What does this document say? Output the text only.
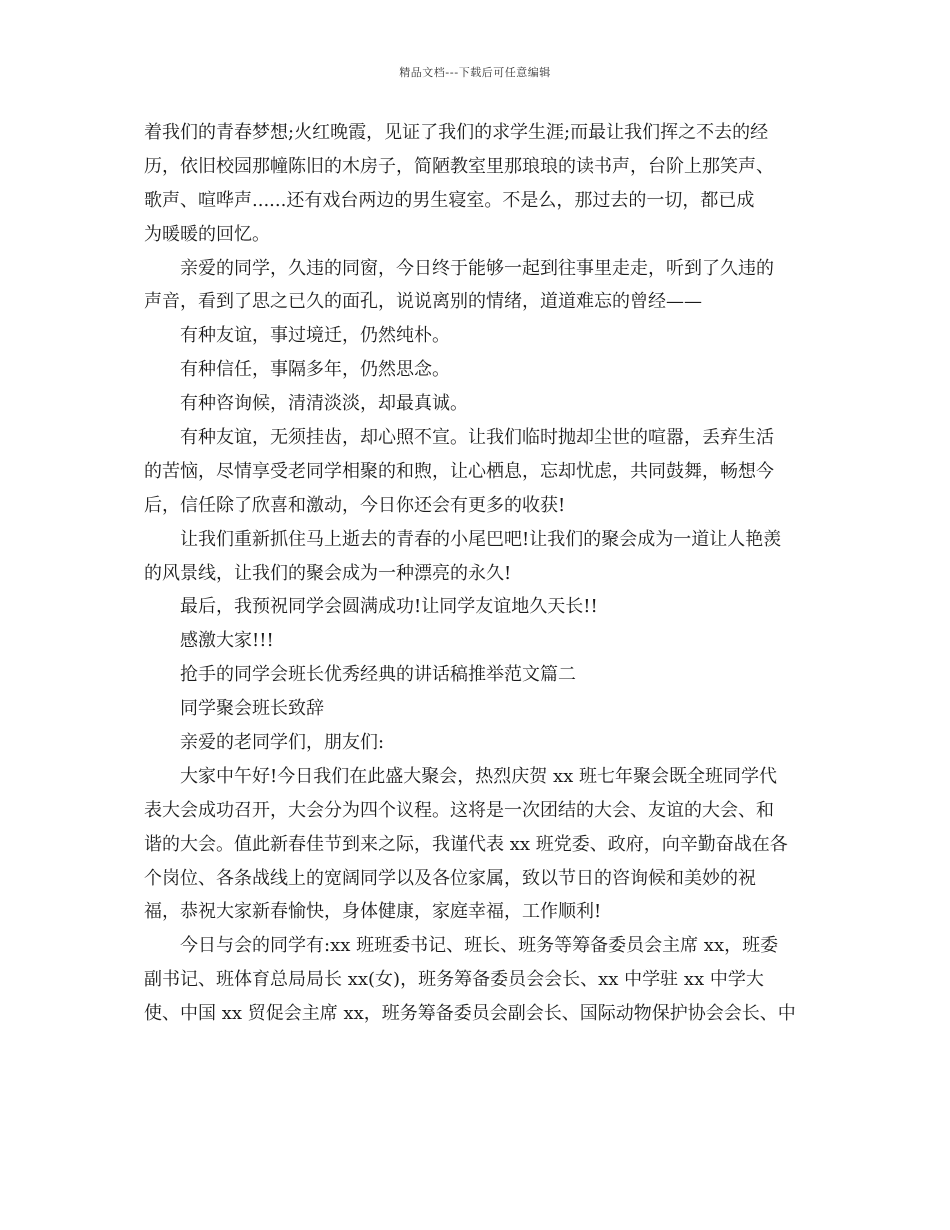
精品文档---下载后可任意编辑
着我们的青春梦想;火红晚霞，见证了我们的求学生涯;而最让我们挥之不去的经
历，依旧校园那幢陈旧的木房子，简陋教室里那琅琅的读书声，台阶上那笑声、
歌声、喧哗声......还有戏台两边的男生寝室。不是么，那过去的一切，都已成
为暖暖的回忆。
亲爱的同学，久违的同窗，今日终于能够一起到往事里走走，听到了久违的
声音，看到了思之已久的面孔，说说离别的情绪，道道难忘的曾经——
有种友谊，事过境迁，仍然纯朴。
有种信任，事隔多年，仍然思念。
有种咨询候，清清淡淡，却最真诚。
有种友谊，无须挂齿，却心照不宣。让我们临时抛却尘世的喧嚣，丢弃生活
的苦恼，尽情享受老同学相聚的和煦，让心栖息，忘却忧虑，共同鼓舞，畅想今
后，信任除了欣喜和激动，今日你还会有更多的收获!
让我们重新抓住马上逝去的青春的小尾巴吧!让我们的聚会成为一道让人艳羡
的风景线，让我们的聚会成为一种漂亮的永久!
最后，我预祝同学会圆满成功!让同学友谊地久天长!!
感激大家!!!
抢手的同学会班长优秀经典的讲话稿推举范文篇二
同学聚会班长致辞
亲爱的老同学们，朋友们:
大家中午好!今日我们在此盛大聚会，热烈庆贺 xx 班七年聚会既全班同学代
表大会成功召开，大会分为四个议程。这将是一次团结的大会、友谊的大会、和
谐的大会。值此新春佳节到来之际，我谨代表 xx 班党委、政府，向辛勤奋战在各
个岗位、各条战线上的宽阔同学以及各位家属，致以节日的咨询候和美妙的祝
福，恭祝大家新春愉快，身体健康，家庭幸福，工作顺利!
今日与会的同学有:xx 班班委书记、班长、班务等筹备委员会主席 xx，班委
副书记、班体育总局局长 xx(女)，班务筹备委员会会长、xx 中学驻 xx 中学大
使、中国 xx 贸促会主席 xx，班务筹备委员会副会长、国际动物保护协会会长、中
